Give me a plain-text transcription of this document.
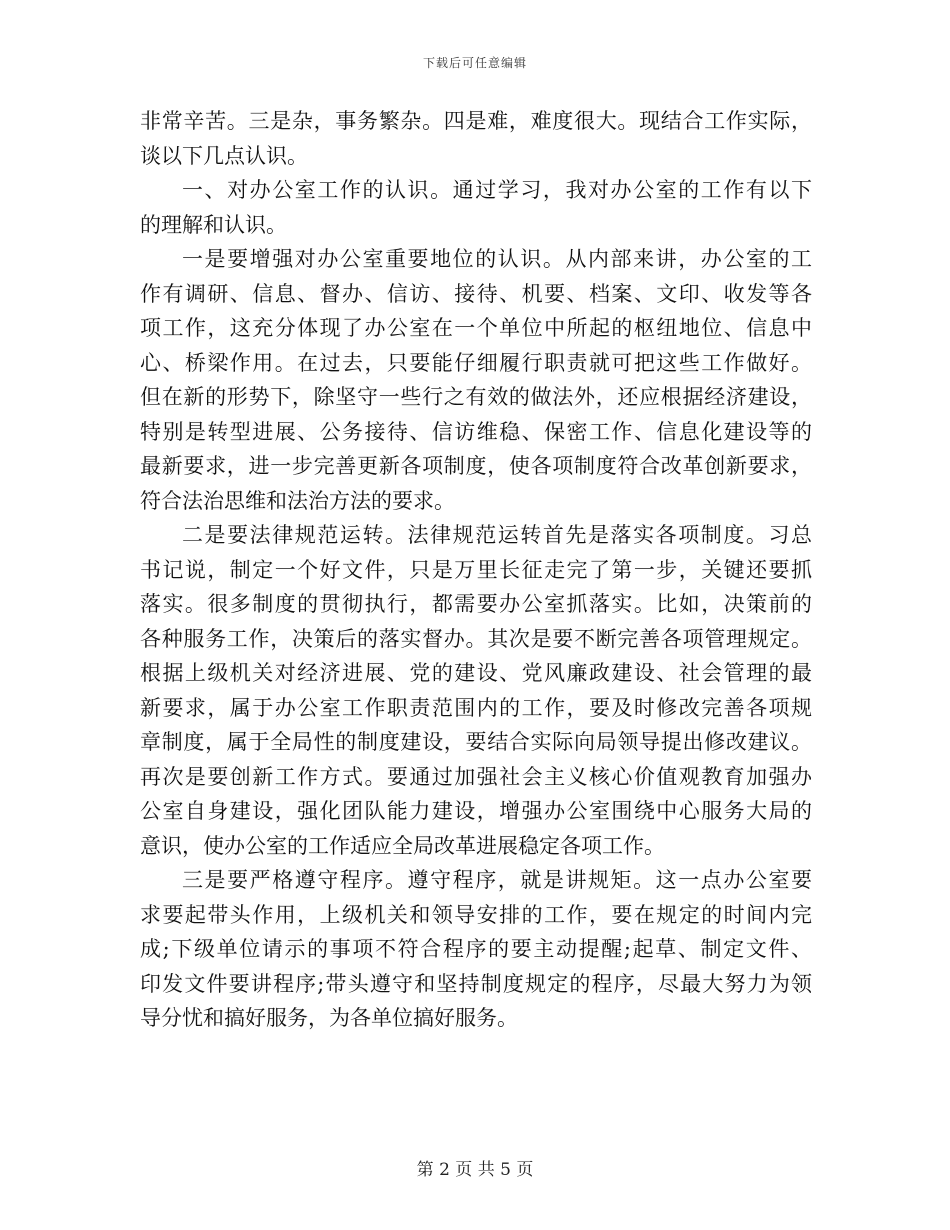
下载后可任意编辑
非常辛苦。三是杂，事务繁杂。四是难，难度很大。现结合工作实际，
谈以下几点认识。
一、对办公室工作的认识。通过学习，我对办公室的工作有以下
的理解和认识。
一是要增强对办公室重要地位的认识。从内部来讲，办公室的工
作有调研、信息、督办、信访、接待、机要、档案、文印、收发等各
项工作，这充分体现了办公室在一个单位中所起的枢纽地位、信息中
心、桥梁作用。在过去，只要能仔细履行职责就可把这些工作做好。
但在新的形势下，除坚守一些行之有效的做法外，还应根据经济建设，
特别是转型进展、公务接待、信访维稳、保密工作、信息化建设等的
最新要求，进一步完善更新各项制度，使各项制度符合改革创新要求，
符合法治思维和法治方法的要求。
二是要法律规范运转。法律规范运转首先是落实各项制度。习总
书记说，制定一个好文件，只是万里长征走完了第一步，关键还要抓
落实。很多制度的贯彻执行，都需要办公室抓落实。比如，决策前的
各种服务工作，决策后的落实督办。其次是要不断完善各项管理规定。
根据上级机关对经济进展、党的建设、党风廉政建设、社会管理的最
新要求，属于办公室工作职责范围内的工作，要及时修改完善各项规
章制度，属于全局性的制度建设，要结合实际向局领导提出修改建议。
再次是要创新工作方式。要通过加强社会主义核心价值观教育加强办
公室自身建设，强化团队能力建设，增强办公室围绕中心服务大局的
意识，使办公室的工作适应全局改革进展稳定各项工作。
三是要严格遵守程序。遵守程序，就是讲规矩。这一点办公室要
求要起带头作用，上级机关和领导安排的工作，要在规定的时间内完
成;下级单位请示的事项不符合程序的要主动提醒;起草、制定文件、
印发文件要讲程序;带头遵守和坚持制度规定的程序，尽最大努力为领
导分忧和搞好服务，为各单位搞好服务。
第 2 页 共 5 页
